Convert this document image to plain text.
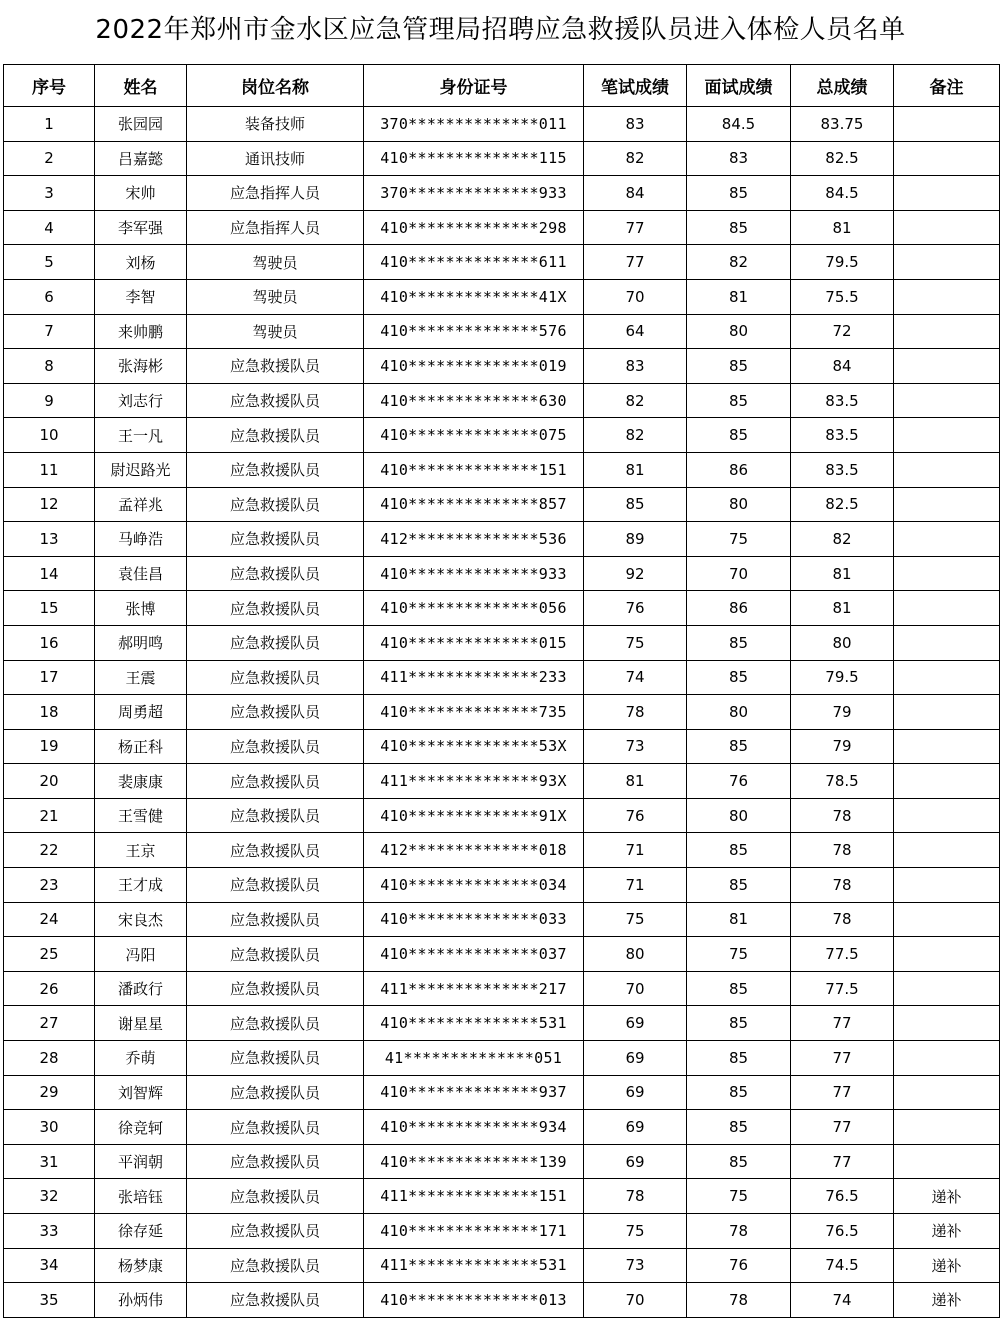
2022年郑州市金水区应急管理局招聘应急救援队员进入体检人员名单
序号	姓名	岗位名称	身份证号	笔试成绩	面试成绩	总成绩	备注
1	张园园	装备技师	370**************011	83	84.5	83.75	
2	吕嘉懿	通讯技师	410**************115	82	83	82.5	
3	宋帅	应急指挥人员	370**************933	84	85	84.5	
4	李军强	应急指挥人员	410**************298	77	85	81	
5	刘杨	驾驶员	410**************611	77	82	79.5	
6	李智	驾驶员	410**************41X	70	81	75.5	
7	来帅鹏	驾驶员	410**************576	64	80	72	
8	张海彬	应急救援队员	410**************019	83	85	84	
9	刘志行	应急救援队员	410**************630	82	85	83.5	
10	王一凡	应急救援队员	410**************075	82	85	83.5	
11	尉迟路光	应急救援队员	410**************151	81	86	83.5	
12	孟祥兆	应急救援队员	410**************857	85	80	82.5	
13	马峥浩	应急救援队员	412**************536	89	75	82	
14	袁佳昌	应急救援队员	410**************933	92	70	81	
15	张博	应急救援队员	410**************056	76	86	81	
16	郝明鸣	应急救援队员	410**************015	75	85	80	
17	王震	应急救援队员	411**************233	74	85	79.5	
18	周勇超	应急救援队员	410**************735	78	80	79	
19	杨正科	应急救援队员	410**************53X	73	85	79	
20	裴康康	应急救援队员	411**************93X	81	76	78.5	
21	王雪健	应急救援队员	410**************91X	76	80	78	
22	王京	应急救援队员	412**************018	71	85	78	
23	王才成	应急救援队员	410**************034	71	85	78	
24	宋良杰	应急救援队员	410**************033	75	81	78	
25	冯阳	应急救援队员	410**************037	80	75	77.5	
26	潘政行	应急救援队员	411**************217	70	85	77.5	
27	谢星星	应急救援队员	410**************531	69	85	77	
28	乔萌	应急救援队员	41**************051	69	85	77	
29	刘智辉	应急救援队员	410**************937	69	85	77	
30	徐竞轲	应急救援队员	410**************934	69	85	77	
31	平润朝	应急救援队员	410**************139	69	85	77	
32	张培钰	应急救援队员	411**************151	78	75	76.5	递补
33	徐存延	应急救援队员	410**************171	75	78	76.5	递补
34	杨梦康	应急救援队员	411**************531	73	76	74.5	递补
35	孙炳伟	应急救援队员	410**************013	70	78	74	递补
